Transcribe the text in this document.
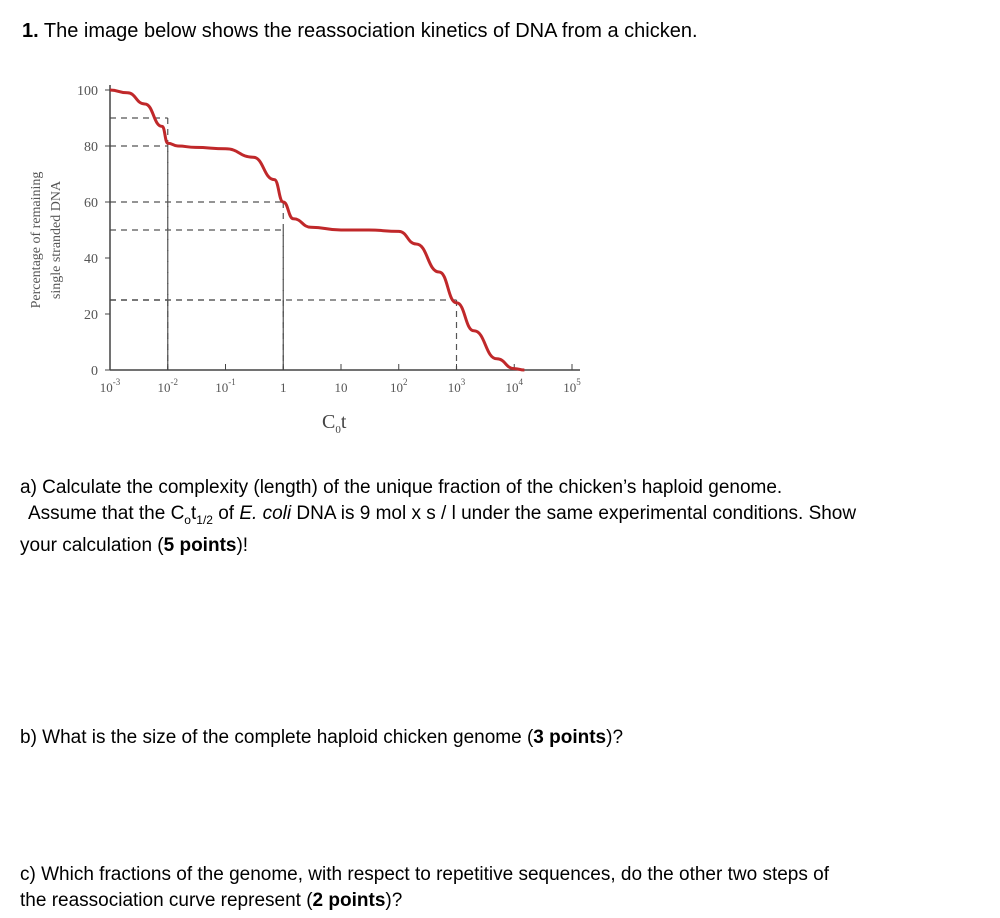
1. The image below shows the reassociation kinetics of DNA from a chicken.
Percentage of remaining single stranded DNA
0
20
40
60
80
100
$10^{-3}$	$10^{-2}$	$10^{-1}$	1	10	$10^2$	$10^3$	$10^4$	$10^5$
$C_0t$
a) Calculate the complexity (length) of the unique fraction of the chicken’s haploid genome.
Assume that the $C_ot_{1/2}$ of E. coli DNA is 9 mol x s / l under the same experimental conditions. Show
your calculation (5 points)!
b) What is the size of the complete haploid chicken genome (3 points)?
c) Which fractions of the genome, with respect to repetitive sequences, do the other two steps of
the reassociation curve represent (2 points)?
